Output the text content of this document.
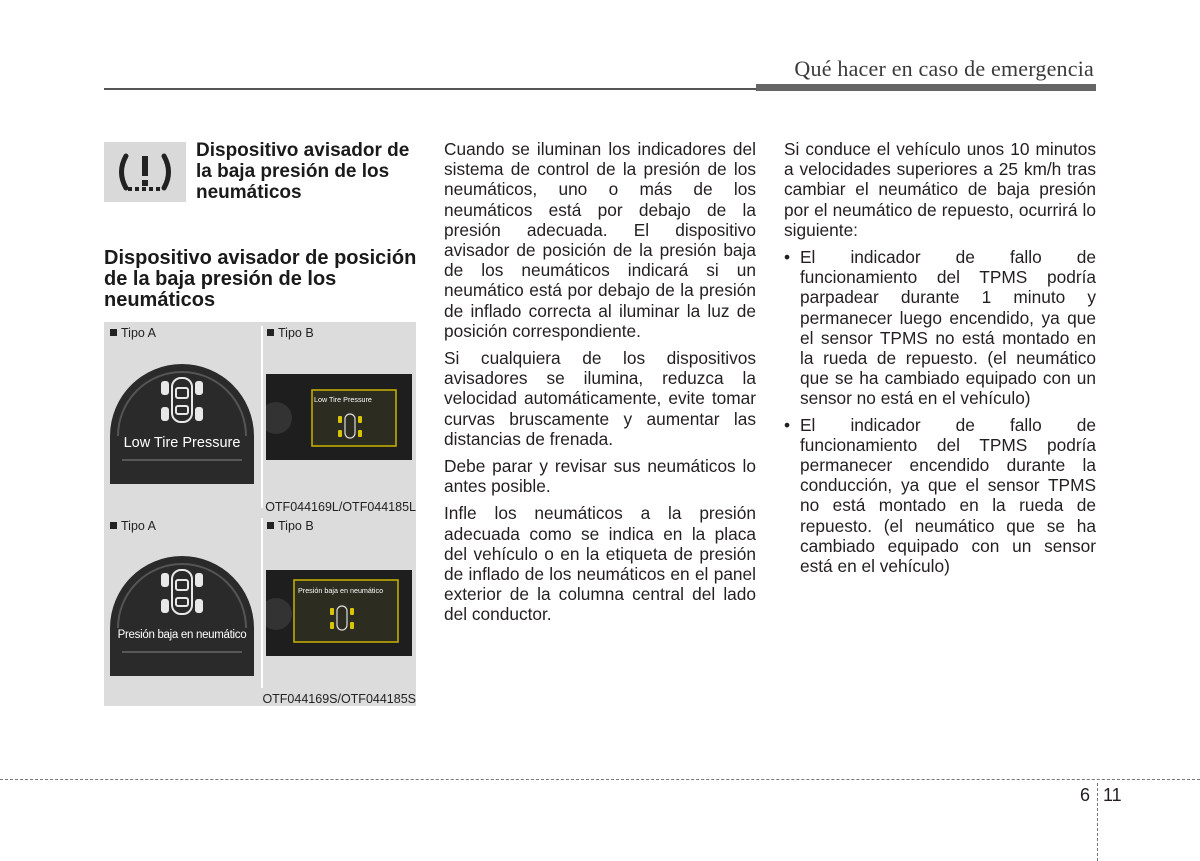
Qué hacer en caso de emergencia
Dispositivo avisador de la baja presión de los neumáticos
Dispositivo avisador de posición de la baja presión de los neumáticos
Tipo A	Tipo B
Low Tire Pressure
Low Tire Pressure
OTF044169L/OTF044185L
Tipo A	Tipo B
Presión baja en neumático
Presión baja en neumático
OTF044169S/OTF044185S

Cuando se iluminan los indicadores del sistema de control de la presión de los neumáticos, uno o más de los neumáticos está por debajo de la presión adecuada. El dispositivo avisador de posición de la presión baja de los neumáticos indicará si un neumático está por debajo de la presión de inflado correcta al iluminar la luz de posición correspondiente.

Si cualquiera de los dispositivos avisadores se ilumina, reduzca la velocidad automáticamente, evite tomar curvas bruscamente y aumentar las distancias de frenada.

Debe parar y revisar sus neumáticos lo antes posible.

Infle los neumáticos a la presión adecuada como se indica en la placa del vehículo o en la etiqueta de presión de inflado de los neumáticos en el panel exterior de la columna central del lado del conductor.

Si conduce el vehículo unos 10 minutos a velocidades superiores a 25 km/h tras cambiar el neumático de baja presión por el neumático de repuesto, ocurrirá lo siguiente:

• El indicador de fallo de funcionamiento del TPMS podría parpadear durante 1 minuto y permanecer luego encendido, ya que el sensor TPMS no está montado en la rueda de repuesto. (el neumático que se ha cambiado equipado con un sensor no está en el vehículo)
• El indicador de fallo de funcionamiento del TPMS podría permanecer encendido durante la conducción, ya que el sensor TPMS no está montado en la rueda de repuesto. (el neumático que se ha cambiado equipado con un sensor está en el vehículo)
6 11
